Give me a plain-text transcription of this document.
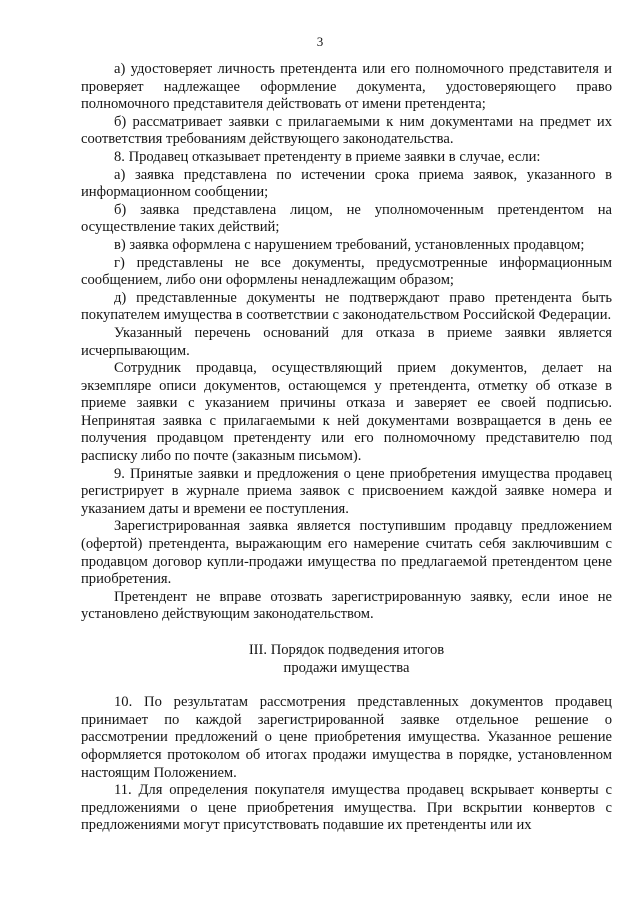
3

а) удостоверяет личность претендента или его полномочного представителя и проверяет надлежащее оформление документа, удостоверяющего право полномочного представителя действовать от имени претендента;

б) рассматривает заявки с прилагаемыми к ним документами на предмет их соответствия требованиям действующего законодательства.

8. Продавец отказывает претенденту в приеме заявки в случае, если:

а) заявка представлена по истечении срока приема заявок, указанного в информационном сообщении;

б) заявка представлена лицом, не уполномоченным претендентом на осуществление таких действий;

в) заявка оформлена с нарушением требований, установленных продавцом;

г) представлены не все документы, предусмотренные информационным сообщением, либо они оформлены ненадлежащим образом;

д) представленные документы не подтверждают право претендента быть покупателем имущества в соответствии с законодательством Российской Федерации.

Указанный перечень оснований для отказа в приеме заявки является исчерпывающим.

Сотрудник продавца, осуществляющий прием документов, делает на экземпляре описи документов, остающемся у претендента, отметку об отказе в приеме заявки с указанием причины отказа и заверяет ее своей подписью. Непринятая заявка с прилагаемыми к ней документами возвращается в день ее получения продавцом претенденту или его полномочному представителю под расписку либо по почте (заказным письмом).

9. Принятые заявки и предложения о цене приобретения имущества продавец регистрирует в журнале приема заявок с присвоением каждой заявке номера и указанием даты и времени ее поступления.

Зарегистрированная заявка является поступившим продавцу предложением (офертой) претендента, выражающим его намерение считать себя заключившим с продавцом договор купли-продажи имущества по предлагаемой претендентом цене приобретения.

Претендент не вправе отозвать зарегистрированную заявку, если иное не установлено действующим законодательством.

III. Порядок подведения итогов

продажи имущества

10. По результатам рассмотрения представленных документов продавец принимает по каждой зарегистрированной заявке отдельное решение о рассмотрении предложений о цене приобретения имущества. Указанное решение оформляется протоколом об итогах продажи имущества в порядке, установленном настоящим Положением.

11. Для определения покупателя имущества продавец вскрывает конверты с предложениями о цене приобретения имущества. При вскрытии конвертов с предложениями могут присутствовать подавшие их претенденты или их
